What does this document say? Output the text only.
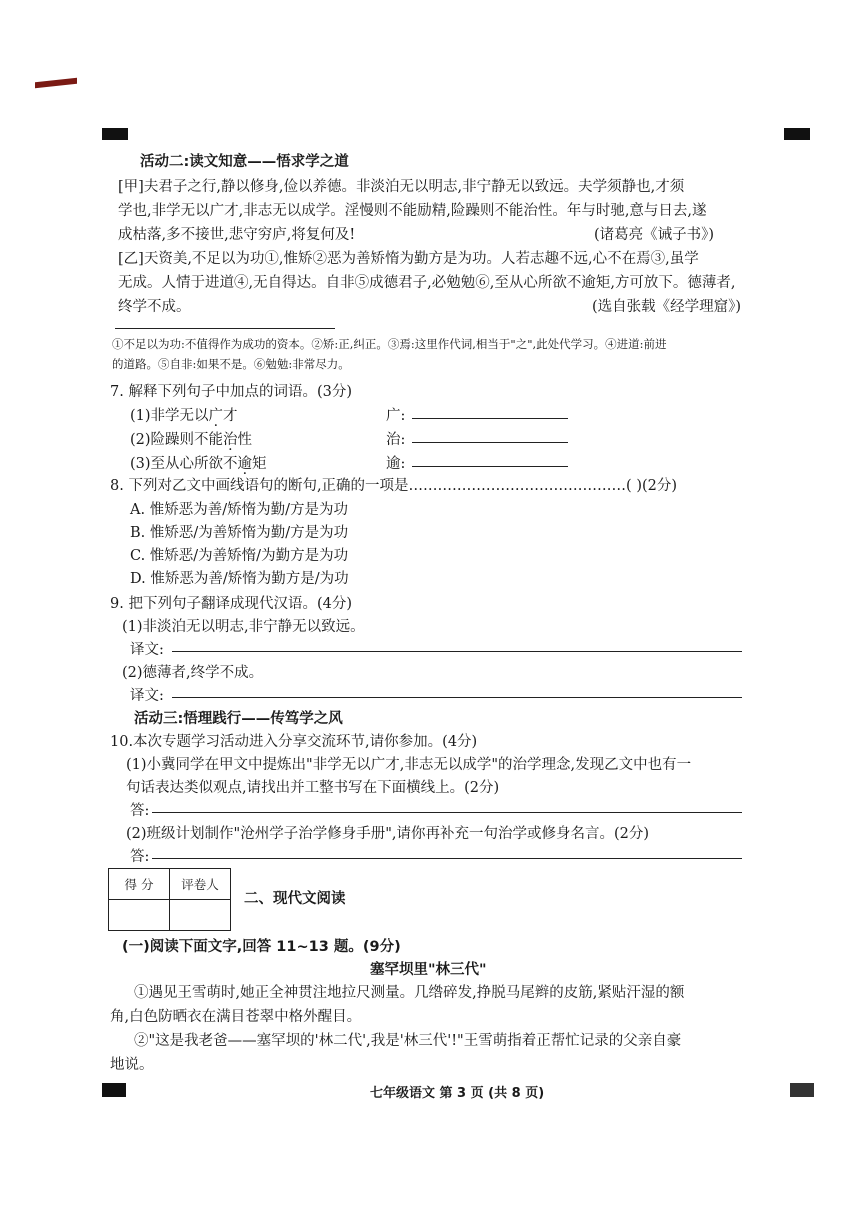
活动二:读文知意——悟求学之道
[甲]夫君子之行,静以修身,俭以养德。非淡泊无以明志,非宁静无以致远。夫学须静也,才须
学也,非学无以广才,非志无以成学。淫慢则不能励精,险躁则不能治性。年与时驰,意与日去,遂
成枯落,多不接世,悲守穷庐,将复何及!	(诸葛亮《诫子书》)
[乙]天资美,不足以为功①,惟矫②恶为善矫惰为勤方是为功。人若志趣不远,心不在焉③,虽学
无成。人情于进道④,无自得达。自非⑤成德君子,必勉勉⑥,至从心所欲不逾矩,方可放下。德薄者,
终学不成。	(选自张载《经学理窟》)
①不足以为功:不值得作为成功的资本。②矫:正,纠正。③焉:这里作代词,相当于"之",此处代学习。④进道:前进
的道路。⑤自非:如果不是。⑥勉勉:非常尽力。
7. 解释下列句子中加点的词语。(3分)
(1)非学无以广才	广:
(2)险躁则不能治性	治:
(3)至从心所欲不逾矩	逾:
8. 下列对乙文中画线语句的断句,正确的一项是………………………………………( )(2分)
A. 惟矫恶为善/矫惰为勤/方是为功
B. 惟矫恶/为善矫惰为勤/方是为功
C. 惟矫恶/为善矫惰/为勤方是为功
D. 惟矫恶为善/矫惰为勤方是/为功
9. 把下列句子翻译成现代汉语。(4分)
(1)非淡泊无以明志,非宁静无以致远。
译文:
(2)德薄者,终学不成。
译文:
活动三:悟理践行——传笃学之风
10.本次专题学习活动进入分享交流环节,请你参加。(4分)
(1)小冀同学在甲文中提炼出"非学无以广才,非志无以成学"的治学理念,发现乙文中也有一
句话表达类似观点,请找出并工整书写在下面横线上。(2分)
答:
(2)班级计划制作"沧州学子治学修身手册",请你再补充一句治学或修身名言。(2分)
答:
得 分	评卷人

二、现代文阅读
(一)阅读下面文字,回答 11~13 题。(9分)
塞罕坝里"林三代"
①遇见王雪萌时,她正全神贯注地拉尺测量。几绺碎发,挣脱马尾辫的皮筋,紧贴汗湿的额
角,白色防晒衣在满目苍翠中格外醒目。
②"这是我老爸——塞罕坝的'林二代',我是'林三代'!"王雪萌指着正帮忙记录的父亲自豪
地说。
七年级语文 第 3 页 (共 8 页)
